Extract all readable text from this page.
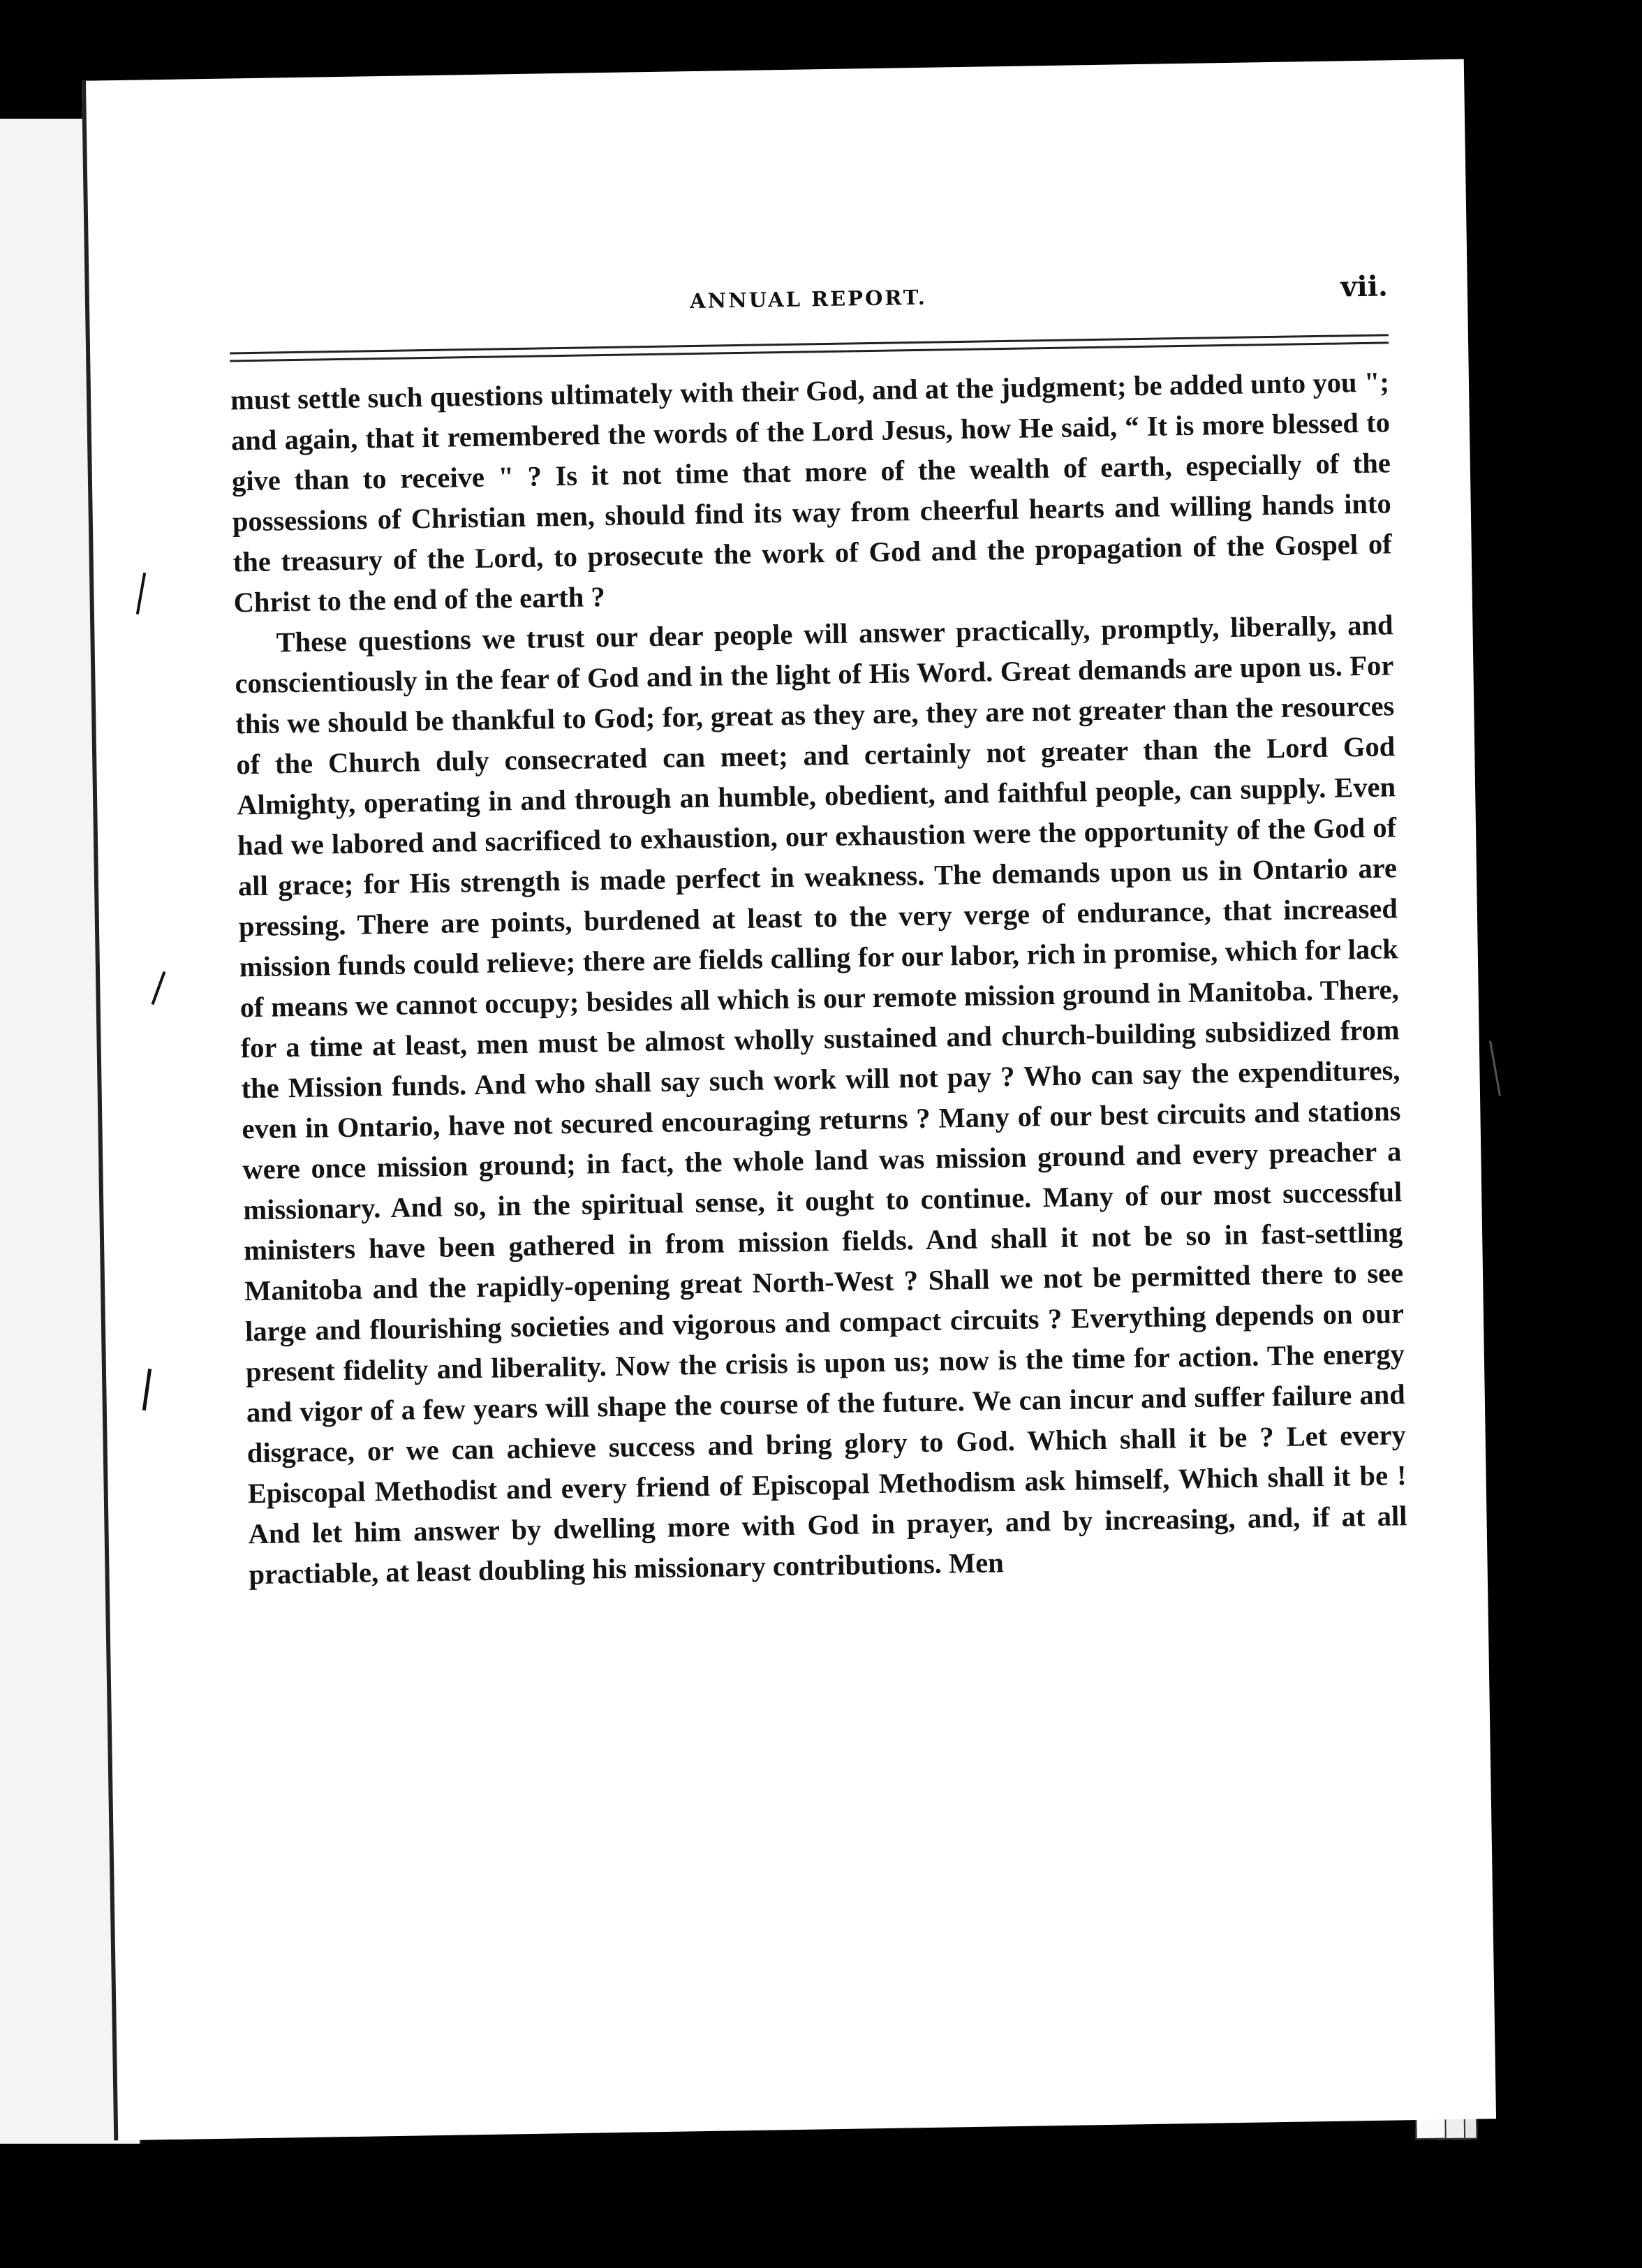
ANNUAL REPORT.	vii.

must settle such questions ultimately with their God, and at the judgment; be added unto you "; and again, that it remembered the words of the Lord Jesus, how He said, “ It is more blessed to give than to receive " ? Is it not time that more of the wealth of earth, especially of the possessions of Christian men, should find its way from cheerful hearts and willing hands into the treasury of the Lord, to prosecute the work of God and the propagation of the Gospel of Christ to the end of the earth ?

These questions we trust our dear people will answer practically, promptly, liberally, and conscientiously in the fear of God and in the light of His Word. Great demands are upon us. For this we should be thankful to God; for, great as they are, they are not greater than the resources of the Church duly consecrated can meet; and certainly not greater than the Lord God Almighty, operating in and through an humble, obedient, and faithful people, can supply. Even had we labored and sacrificed to exhaustion, our exhaustion were the opportunity of the God of all grace; for His strength is made perfect in weakness. The demands upon us in Ontario are pressing. There are points, burdened at least to the very verge of endurance, that increased mission funds could relieve; there are fields calling for our labor, rich in promise, which for lack of means we cannot occupy; besides all which is our remote mission ground in Manitoba. There, for a time at least, men must be almost wholly sustained and church-building subsidized from the Mission funds. And who shall say such work will not pay ? Who can say the expenditures, even in Ontario, have not secured encouraging returns ? Many of our best circuits and stations were once mission ground; in fact, the whole land was mission ground and every preacher a missionary. And so, in the spiritual sense, it ought to continue. Many of our most successful ministers have been gathered in from mission fields. And shall it not be so in fast-settling Manitoba and the rapidly-opening great North-West ? Shall we not be permitted there to see large and flourishing societies and vigorous and compact circuits ? Everything depends on our present fidelity and liberality. Now the crisis is upon us; now is the time for action. The energy and vigor of a few years will shape the course of the future. We can incur and suffer failure and disgrace, or we can achieve success and bring glory to God. Which shall it be ? Let every Episcopal Methodist and every friend of Episcopal Methodism ask himself, Which shall it be ! And let him answer by dwelling more with God in prayer, and by increasing, and, if at all practiable, at least doubling his missionary contributions. Men
